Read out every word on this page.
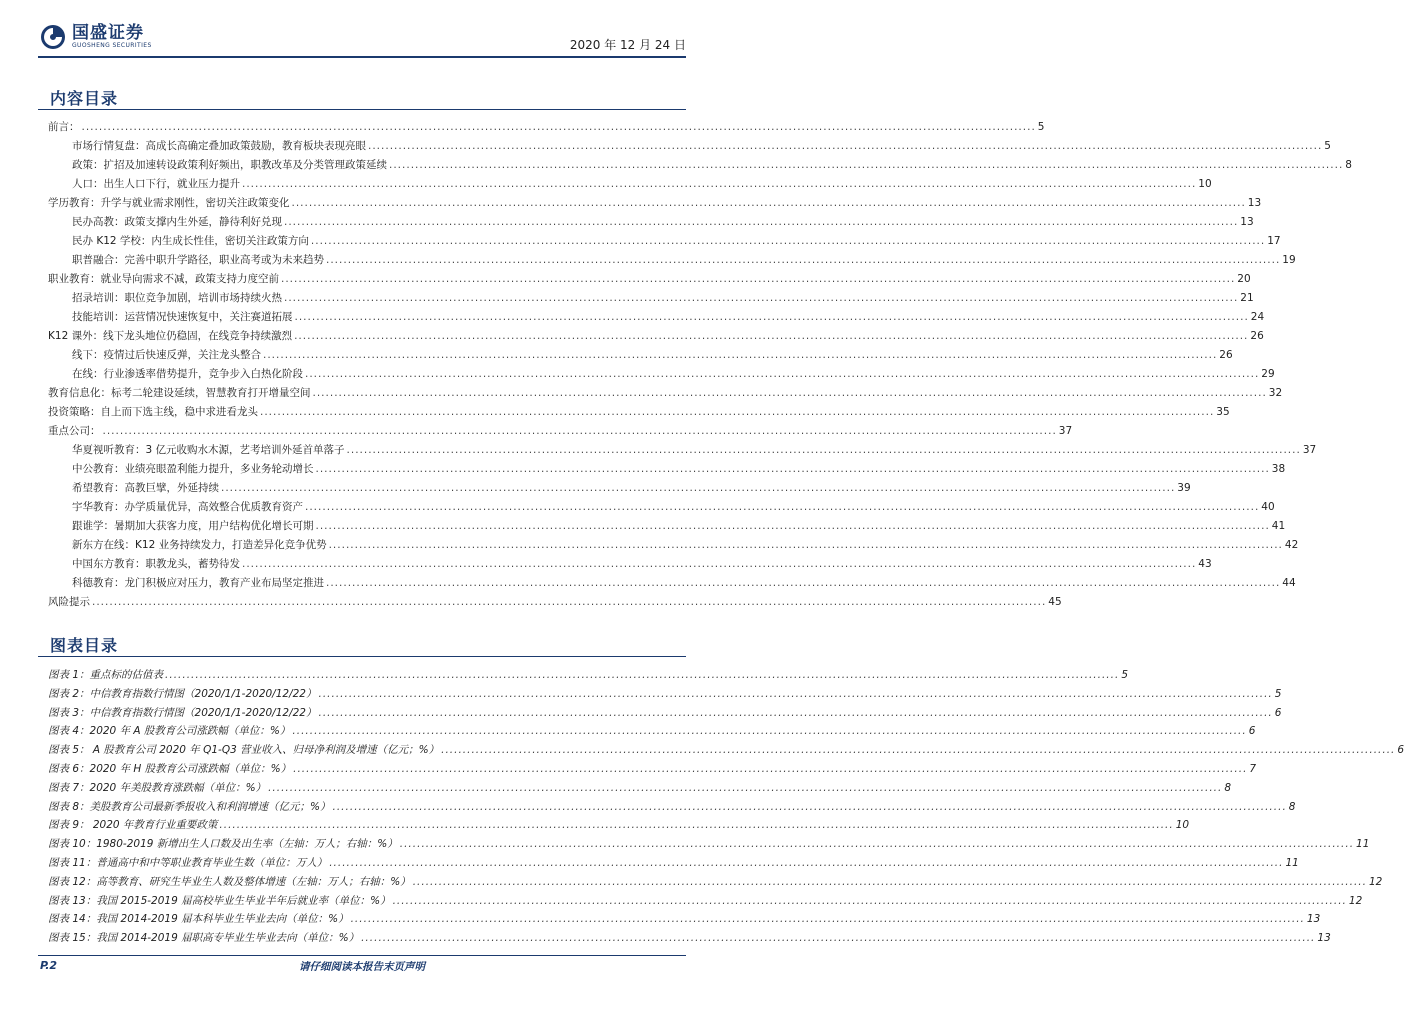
国盛证券
GUOSHENG SECURITIES	2020 年 12 月 24 日
内容目录
前言： ............................................................................................................................................................................................................................ 5
市场行情复盘：高成长高确定叠加政策鼓励，教育板块表现亮眼 ............................................................................................................................................................................................................................ 5
政策：扩招及加速转设政策利好频出，职教改革及分类管理政策延续 ............................................................................................................................................................................................................................ 8
人口：出生人口下行，就业压力提升 ............................................................................................................................................................................................................................ 10
学历教育：升学与就业需求刚性，密切关注政策变化 ............................................................................................................................................................................................................................ 13
民办高教：政策支撑内生外延，静待利好兑现 ............................................................................................................................................................................................................................ 13
民办 K12 学校：内生成长性佳，密切关注政策方向 ............................................................................................................................................................................................................................ 17
职普融合：完善中职升学路径，职业高考或为未来趋势 ............................................................................................................................................................................................................................ 19
职业教育：就业导向需求不减，政策支持力度空前 ............................................................................................................................................................................................................................ 20
招录培训：职位竞争加剧，培训市场持续火热 ............................................................................................................................................................................................................................ 21
技能培训：运营情况快速恢复中，关注赛道拓展 ............................................................................................................................................................................................................................ 24
K12 课外：线下龙头地位仍稳固，在线竞争持续激烈 ............................................................................................................................................................................................................................ 26
线下：疫情过后快速反弹，关注龙头整合 ............................................................................................................................................................................................................................ 26
在线：行业渗透率借势提升，竞争步入白热化阶段 ............................................................................................................................................................................................................................ 29
教育信息化：标考二轮建设延续，智慧教育打开增量空间 ............................................................................................................................................................................................................................ 32
投资策略：自上而下选主线，稳中求进看龙头 ............................................................................................................................................................................................................................ 35
重点公司： ............................................................................................................................................................................................................................ 37
华夏视听教育：3 亿元收购水木源，艺考培训外延首单落子 ............................................................................................................................................................................................................................ 37
中公教育：业绩亮眼盈利能力提升，多业务轮动增长 ............................................................................................................................................................................................................................ 38
希望教育：高教巨擘，外延持续 ............................................................................................................................................................................................................................ 39
宇华教育：办学质量优异，高效整合优质教育资产 ............................................................................................................................................................................................................................ 40
跟谁学：暑期加大获客力度，用户结构优化增长可期 ............................................................................................................................................................................................................................ 41
新东方在线：K12 业务持续发力，打造差异化竞争优势 ............................................................................................................................................................................................................................ 42
中国东方教育：职教龙头，蓄势待发 ............................................................................................................................................................................................................................ 43
科德教育：龙门积极应对压力，教育产业布局坚定推进 ............................................................................................................................................................................................................................ 44
风险提示 ............................................................................................................................................................................................................................ 45
图表目录
图表 1：重点标的估值表 ............................................................................................................................................................................................................................ 5
图表 2：中信教育指数行情图（2020/1/1-2020/12/22） ............................................................................................................................................................................................................................ 5
图表 3：中信教育指数行情图（2020/1/1-2020/12/22） ............................................................................................................................................................................................................................ 6
图表 4：2020 年 A 股教育公司涨跌幅（单位：%） ............................................................................................................................................................................................................................ 6
图表 5： A 股教育公司 2020 年 Q1-Q3 营业收入、归母净利润及增速（亿元；%） ............................................................................................................................................................................................................................ 6
图表 6：2020 年 H 股教育公司涨跌幅（单位：%） ............................................................................................................................................................................................................................ 7
图表 7：2020 年美股教育涨跌幅（单位：%） ............................................................................................................................................................................................................................ 8
图表 8：美股教育公司最新季报收入和利润增速（亿元；%） ............................................................................................................................................................................................................................ 8
图表 9： 2020 年教育行业重要政策 ............................................................................................................................................................................................................................ 10
图表 10：1980-2019 新增出生人口数及出生率（左轴：万人；右轴：%） ............................................................................................................................................................................................................................ 11
图表 11：普通高中和中等职业教育毕业生数（单位：万人） ............................................................................................................................................................................................................................ 11
图表 12：高等教育、研究生毕业生人数及整体增速（左轴：万人；右轴：%） ............................................................................................................................................................................................................................ 12
图表 13：我国 2015-2019 届高校毕业生毕业半年后就业率（单位：%） ............................................................................................................................................................................................................................ 12
图表 14：我国 2014-2019 届本科毕业生毕业去向（单位：%） ............................................................................................................................................................................................................................ 13
图表 15：我国 2014-2019 届职高专毕业生毕业去向（单位：%） ............................................................................................................................................................................................................................ 13
P.2	请仔细阅读本报告末页声明
